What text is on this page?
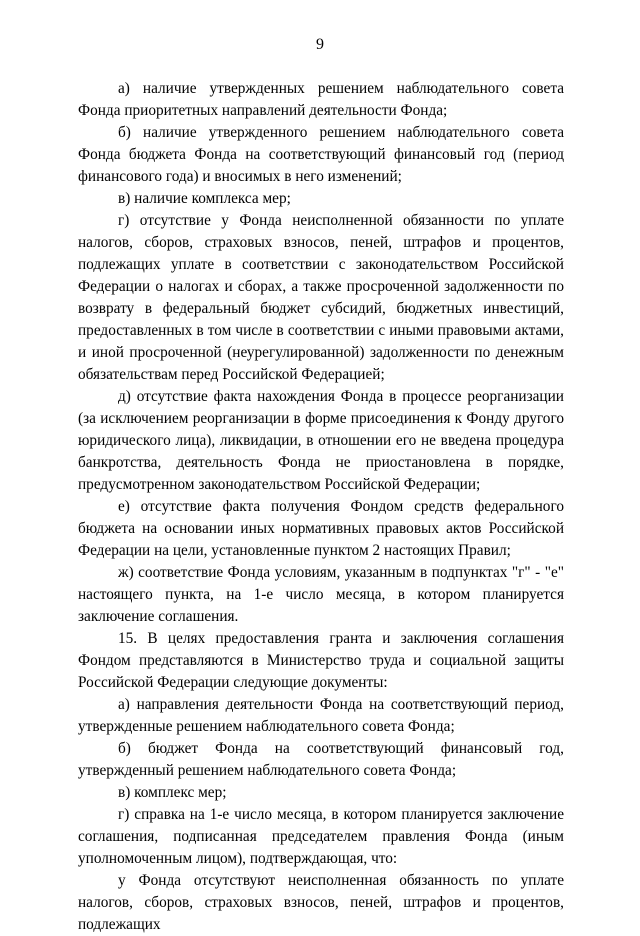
9

а) наличие утвержденных решением наблюдательного совета Фонда приоритетных направлений деятельности Фонда;

б) наличие утвержденного решением наблюдательного совета Фонда бюджета Фонда на соответствующий финансовый год (период финансового года) и вносимых в него изменений;

в) наличие комплекса мер;

г) отсутствие у Фонда неисполненной обязанности по уплате налогов, сборов, страховых взносов, пеней, штрафов и процентов, подлежащих уплате в соответствии с законодательством Российской Федерации о налогах и сборах, а также просроченной задолженности по возврату в федеральный бюджет субсидий, бюджетных инвестиций, предоставленных в том числе в соответствии с иными правовыми актами, и иной просроченной (неурегулированной) задолженности по денежным обязательствам перед Российской Федерацией;

д) отсутствие факта нахождения Фонда в процессе реорганизации (за исключением реорганизации в форме присоединения к Фонду другого юридического лица), ликвидации, в отношении его не введена процедура банкротства, деятельность Фонда не приостановлена в порядке, предусмотренном законодательством Российской Федерации;

е) отсутствие факта получения Фондом средств федерального бюджета на основании иных нормативных правовых актов Российской Федерации на цели, установленные пунктом 2 настоящих Правил;

ж) соответствие Фонда условиям, указанным в подпунктах "г" - "е" настоящего пункта, на 1-е число месяца, в котором планируется заключение соглашения.

15. В целях предоставления гранта и заключения соглашения Фондом представляются в Министерство труда и социальной защиты Российской Федерации следующие документы:

а) направления деятельности Фонда на соответствующий период, утвержденные решением наблюдательного совета Фонда;

б) бюджет Фонда на соответствующий финансовый год, утвержденный решением наблюдательного совета Фонда;

в) комплекс мер;

г) справка на 1-е число месяца, в котором планируется заключение соглашения, подписанная председателем правления Фонда (иным уполномоченным лицом), подтверждающая, что:

у Фонда отсутствуют неисполненная обязанность по уплате налогов, сборов, страховых взносов, пеней, штрафов и процентов, подлежащих
